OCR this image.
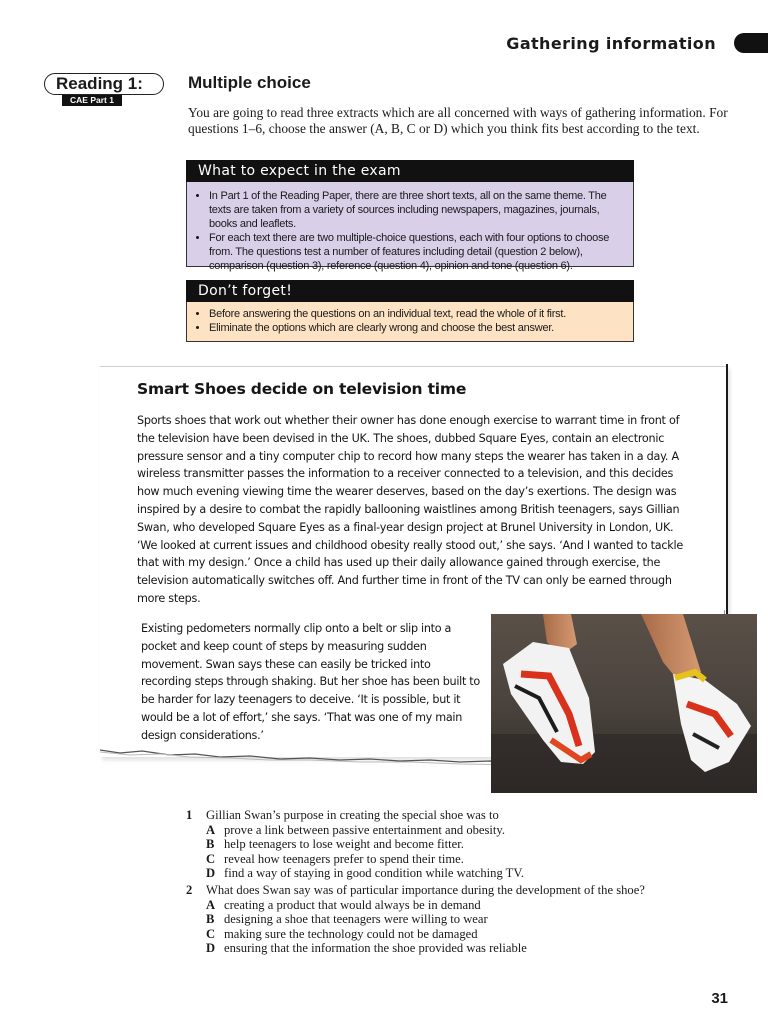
Gathering information
Reading 1:
CAE Part 1
Multiple choice
You are going to read three extracts which are all concerned with ways of gathering information. For questions 1–6, choose the answer (A, B, C or D) which you think fits best according to the text.
What to expect in the exam
• In Part 1 of the Reading Paper, there are three short texts, all on the same theme. The texts are taken from a variety of sources including newspapers, magazines, journals, books and leaflets.
• For each text there are two multiple-choice questions, each with four options to choose from. The questions test a number of features including detail (question 2 below), comparison (question 3), reference (question 4), opinion and tone (question 6).
Don’t forget!
• Before answering the questions on an individual text, read the whole of it first.
• Eliminate the options which are clearly wrong and choose the best answer.
Smart Shoes decide on television time
Sports shoes that work out whether their owner has done enough exercise to warrant time in front of the television have been devised in the UK. The shoes, dubbed Square Eyes, contain an electronic pressure sensor and a tiny computer chip to record how many steps the wearer has taken in a day. A wireless transmitter passes the information to a receiver connected to a television, and this decides how much evening viewing time the wearer deserves, based on the day’s exertions. The design was inspired by a desire to combat the rapidly ballooning waistlines among British teenagers, says Gillian Swan, who developed Square Eyes as a final-year design project at Brunel University in London, UK. ‘We looked at current issues and childhood obesity really stood out,’ she says. ‘And I wanted to tackle that with my design.’ Once a child has used up their daily allowance gained through exercise, the television automatically switches off. And further time in front of the TV can only be earned through more steps.
Existing pedometers normally clip onto a belt or slip into a pocket and keep count of steps by measuring sudden movement. Swan says these can easily be tricked into recording steps through shaking. But her shoe has been built to be harder for lazy teenagers to deceive. ‘It is possible, but it would be a lot of effort,’ she says. ‘That was one of my main design considerations.’
1 Gillian Swan’s purpose in creating the special shoe was to
A prove a link between passive entertainment and obesity.
B help teenagers to lose weight and become fitter.
C reveal how teenagers prefer to spend their time.
D find a way of staying in good condition while watching TV.
2 What does Swan say was of particular importance during the development of the shoe?
A creating a product that would always be in demand
B designing a shoe that teenagers were willing to wear
C making sure the technology could not be damaged
D ensuring that the information the shoe provided was reliable
31
